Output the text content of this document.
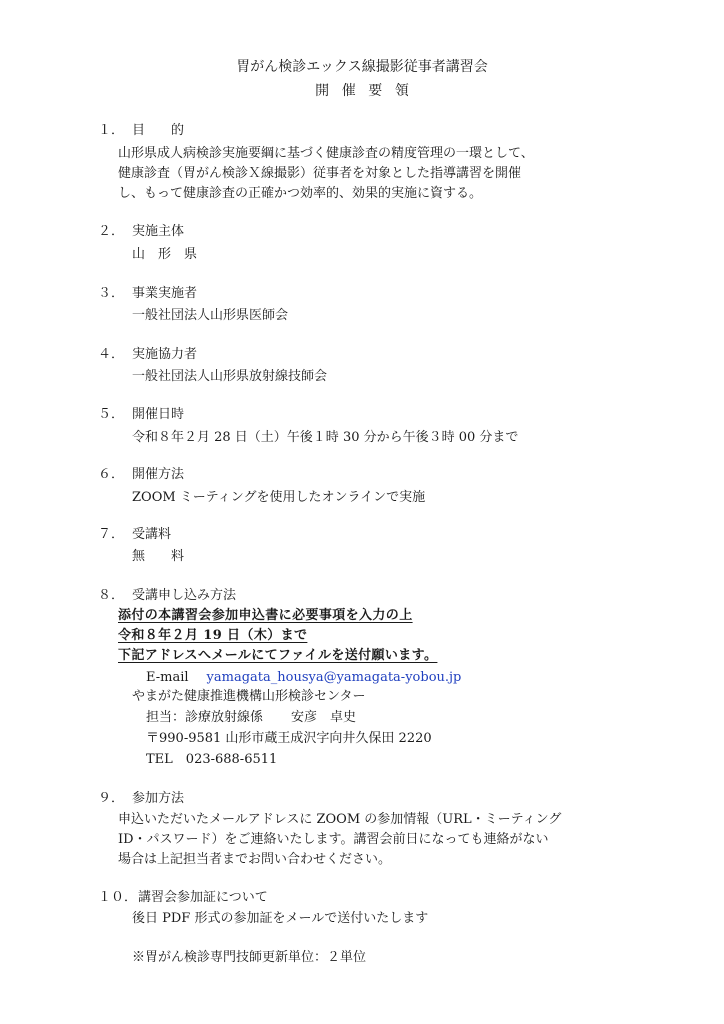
胃がん検診エックス線撮影従事者講習会
開催要領
１． 目　　的
山形県成人病検診実施要綱に基づく健康診査の精度管理の一環として、
健康診査（胃がん検診Ｘ線撮影）従事者を対象とした指導講習を開催
し、もって健康診査の正確かつ効率的、効果的実施に資する。
２． 実施主体
山　形　県
３． 事業実施者
一般社団法人山形県医師会
４． 実施協力者
一般社団法人山形県放射線技師会
５． 開催日時
令和８年２月 28 日（土）午後１時 30 分から午後３時 00 分まで
６． 開催方法
ZOOM ミーティングを使用したオンラインで実施
７． 受講料
無　　料
８． 受講申し込み方法
添付の本講習会参加申込書に必要事項を入力の上
令和８年２月 19 日（木）まで
下記アドレスへメールにてファイルを送付願います。
E-mail yamagata_housya@yamagata-yobou.jp
やまがた健康推進機構山形検診センター
担当：診療放射線係 安彦　卓史
〒990-9581 山形市蔵王成沢字向井久保田 2220
TEL　023-688-6511
９． 参加方法
申込いただいたメールアドレスに ZOOM の参加情報（URL・ミーティング
ID・パスワード）をご連絡いたします。講習会前日になっても連絡がない
場合は上記担当者までお問い合わせください。
１０．講習会参加証について
後日 PDF 形式の参加証をメールで送付いたします
※胃がん検診専門技師更新単位：２単位
